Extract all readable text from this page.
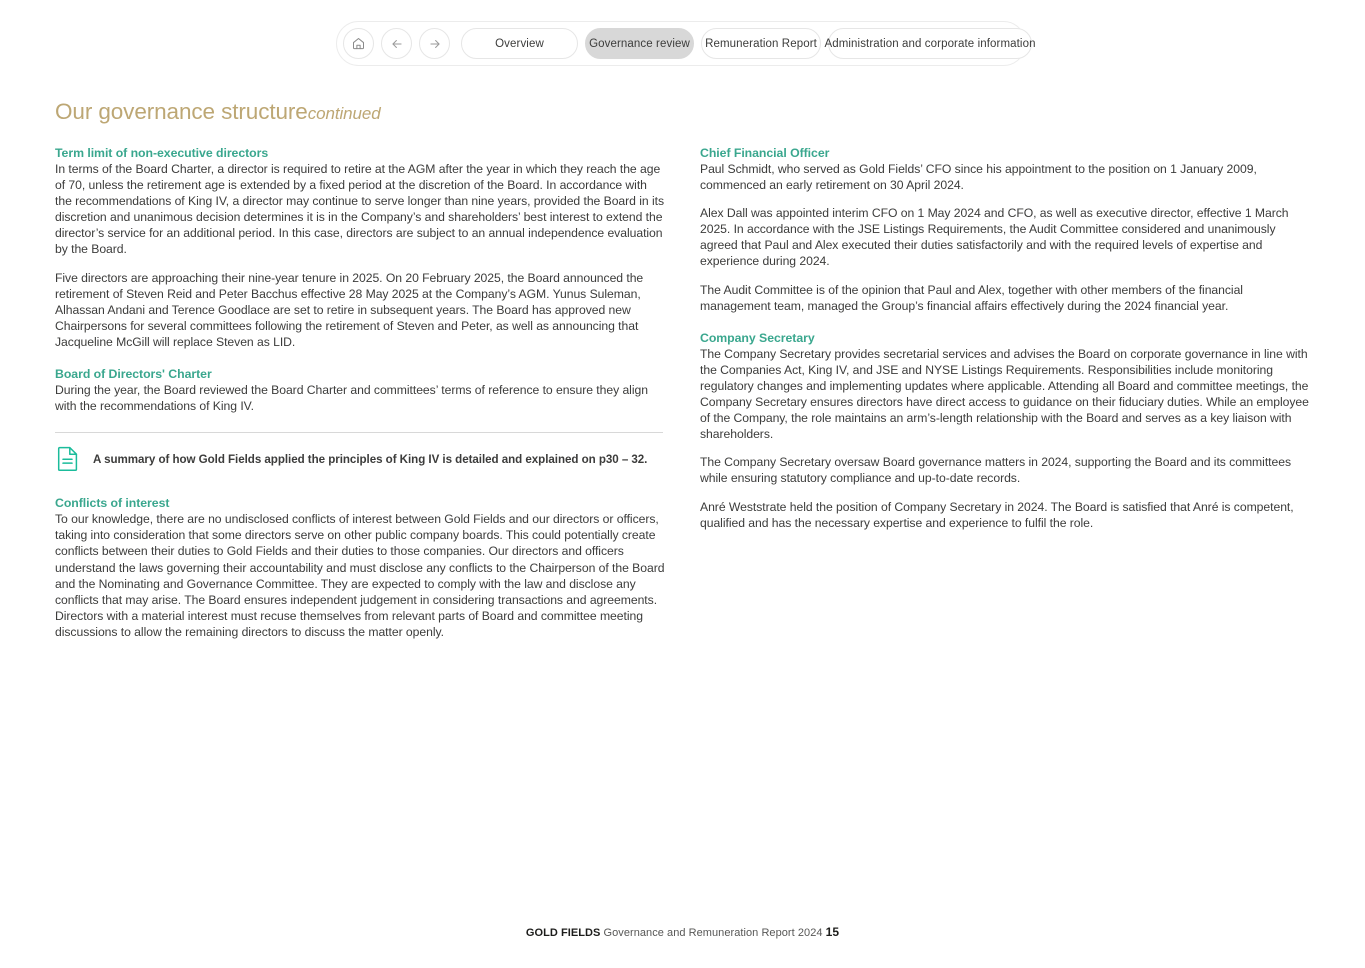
Overview	Governance review	Remuneration Report Administration and corporate information
Our governance structurecontinued
Term limit of non-executive directors

In terms of the Board Charter, a director is required to retire at the AGM after the year in which they reach the age of 70, unless the retirement age is extended by a fixed period at the discretion of the Board. In accordance with the recommendations of King IV, a director may continue to serve longer than nine years, provided the Board in its discretion and unanimous decision determines it is in the Company’s and shareholders’ best interest to extend the director’s service for an additional period. In this case, directors are subject to an annual independence evaluation by the Board.

Five directors are approaching their nine-year tenure in 2025. On 20 February 2025, the Board announced the retirement of Steven Reid and Peter Bacchus effective 28 May 2025 at the Company’s AGM. Yunus Suleman, Alhassan Andani and Terence Goodlace are set to retire in subsequent years. The Board has approved new Chairpersons for several committees following the retirement of Steven and Peter, as well as announcing that Jacqueline McGill will replace Steven as LID.

Board of Directors' Charter

During the year, the Board reviewed the Board Charter and committees’ terms of reference to ensure they align with the recommendations of King IV.

A summary of how Gold Fields applied the principles of King IV is detailed and explained on p30 – 32.
Conflicts of interest

To our knowledge, there are no undisclosed conflicts of interest between Gold Fields and our directors or officers, taking into consideration that some directors serve on other public company boards. This could potentially create conflicts between their duties to Gold Fields and their duties to those companies. Our directors and officers understand the laws governing their accountability and must disclose any conflicts to the Chairperson of the Board and the Nominating and Governance Committee. They are expected to comply with the law and disclose any conflicts that may arise. The Board ensures independent judgement in considering transactions and agreements. Directors with a material interest must recuse themselves from relevant parts of Board and committee meeting discussions to allow the remaining directors to discuss the matter openly.

Chief Financial Officer

Paul Schmidt, who served as Gold Fields’ CFO since his appointment to the position on 1 January 2009, commenced an early retirement on 30 April 2024.

Alex Dall was appointed interim CFO on 1 May 2024 and CFO, as well as executive director, effective 1 March 2025. In accordance with the JSE Listings Requirements, the Audit Committee considered and unanimously agreed that Paul and Alex executed their duties satisfactorily and with the required levels of expertise and experience during 2024.

The Audit Committee is of the opinion that Paul and Alex, together with other members of the financial management team, managed the Group’s financial affairs effectively during the 2024 financial year.

Company Secretary

The Company Secretary provides secretarial services and advises the Board on corporate governance in line with the Companies Act, King IV, and JSE and NYSE Listings Requirements. Responsibilities include monitoring regulatory changes and implementing updates where applicable. Attending all Board and committee meetings, the Company Secretary ensures directors have direct access to guidance on their fiduciary duties. While an employee of the Company, the role maintains an arm’s-length relationship with the Board and serves as a key liaison with shareholders.

The Company Secretary oversaw Board governance matters in 2024, supporting the Board and its committees while ensuring statutory compliance and up-to-date records.

Anré Weststrate held the position of Company Secretary in 2024. The Board is satisfied that Anré is competent, qualified and has the necessary expertise and experience to fulfil the role.

GOLD FIELDS Governance and Remuneration Report 2024 15
